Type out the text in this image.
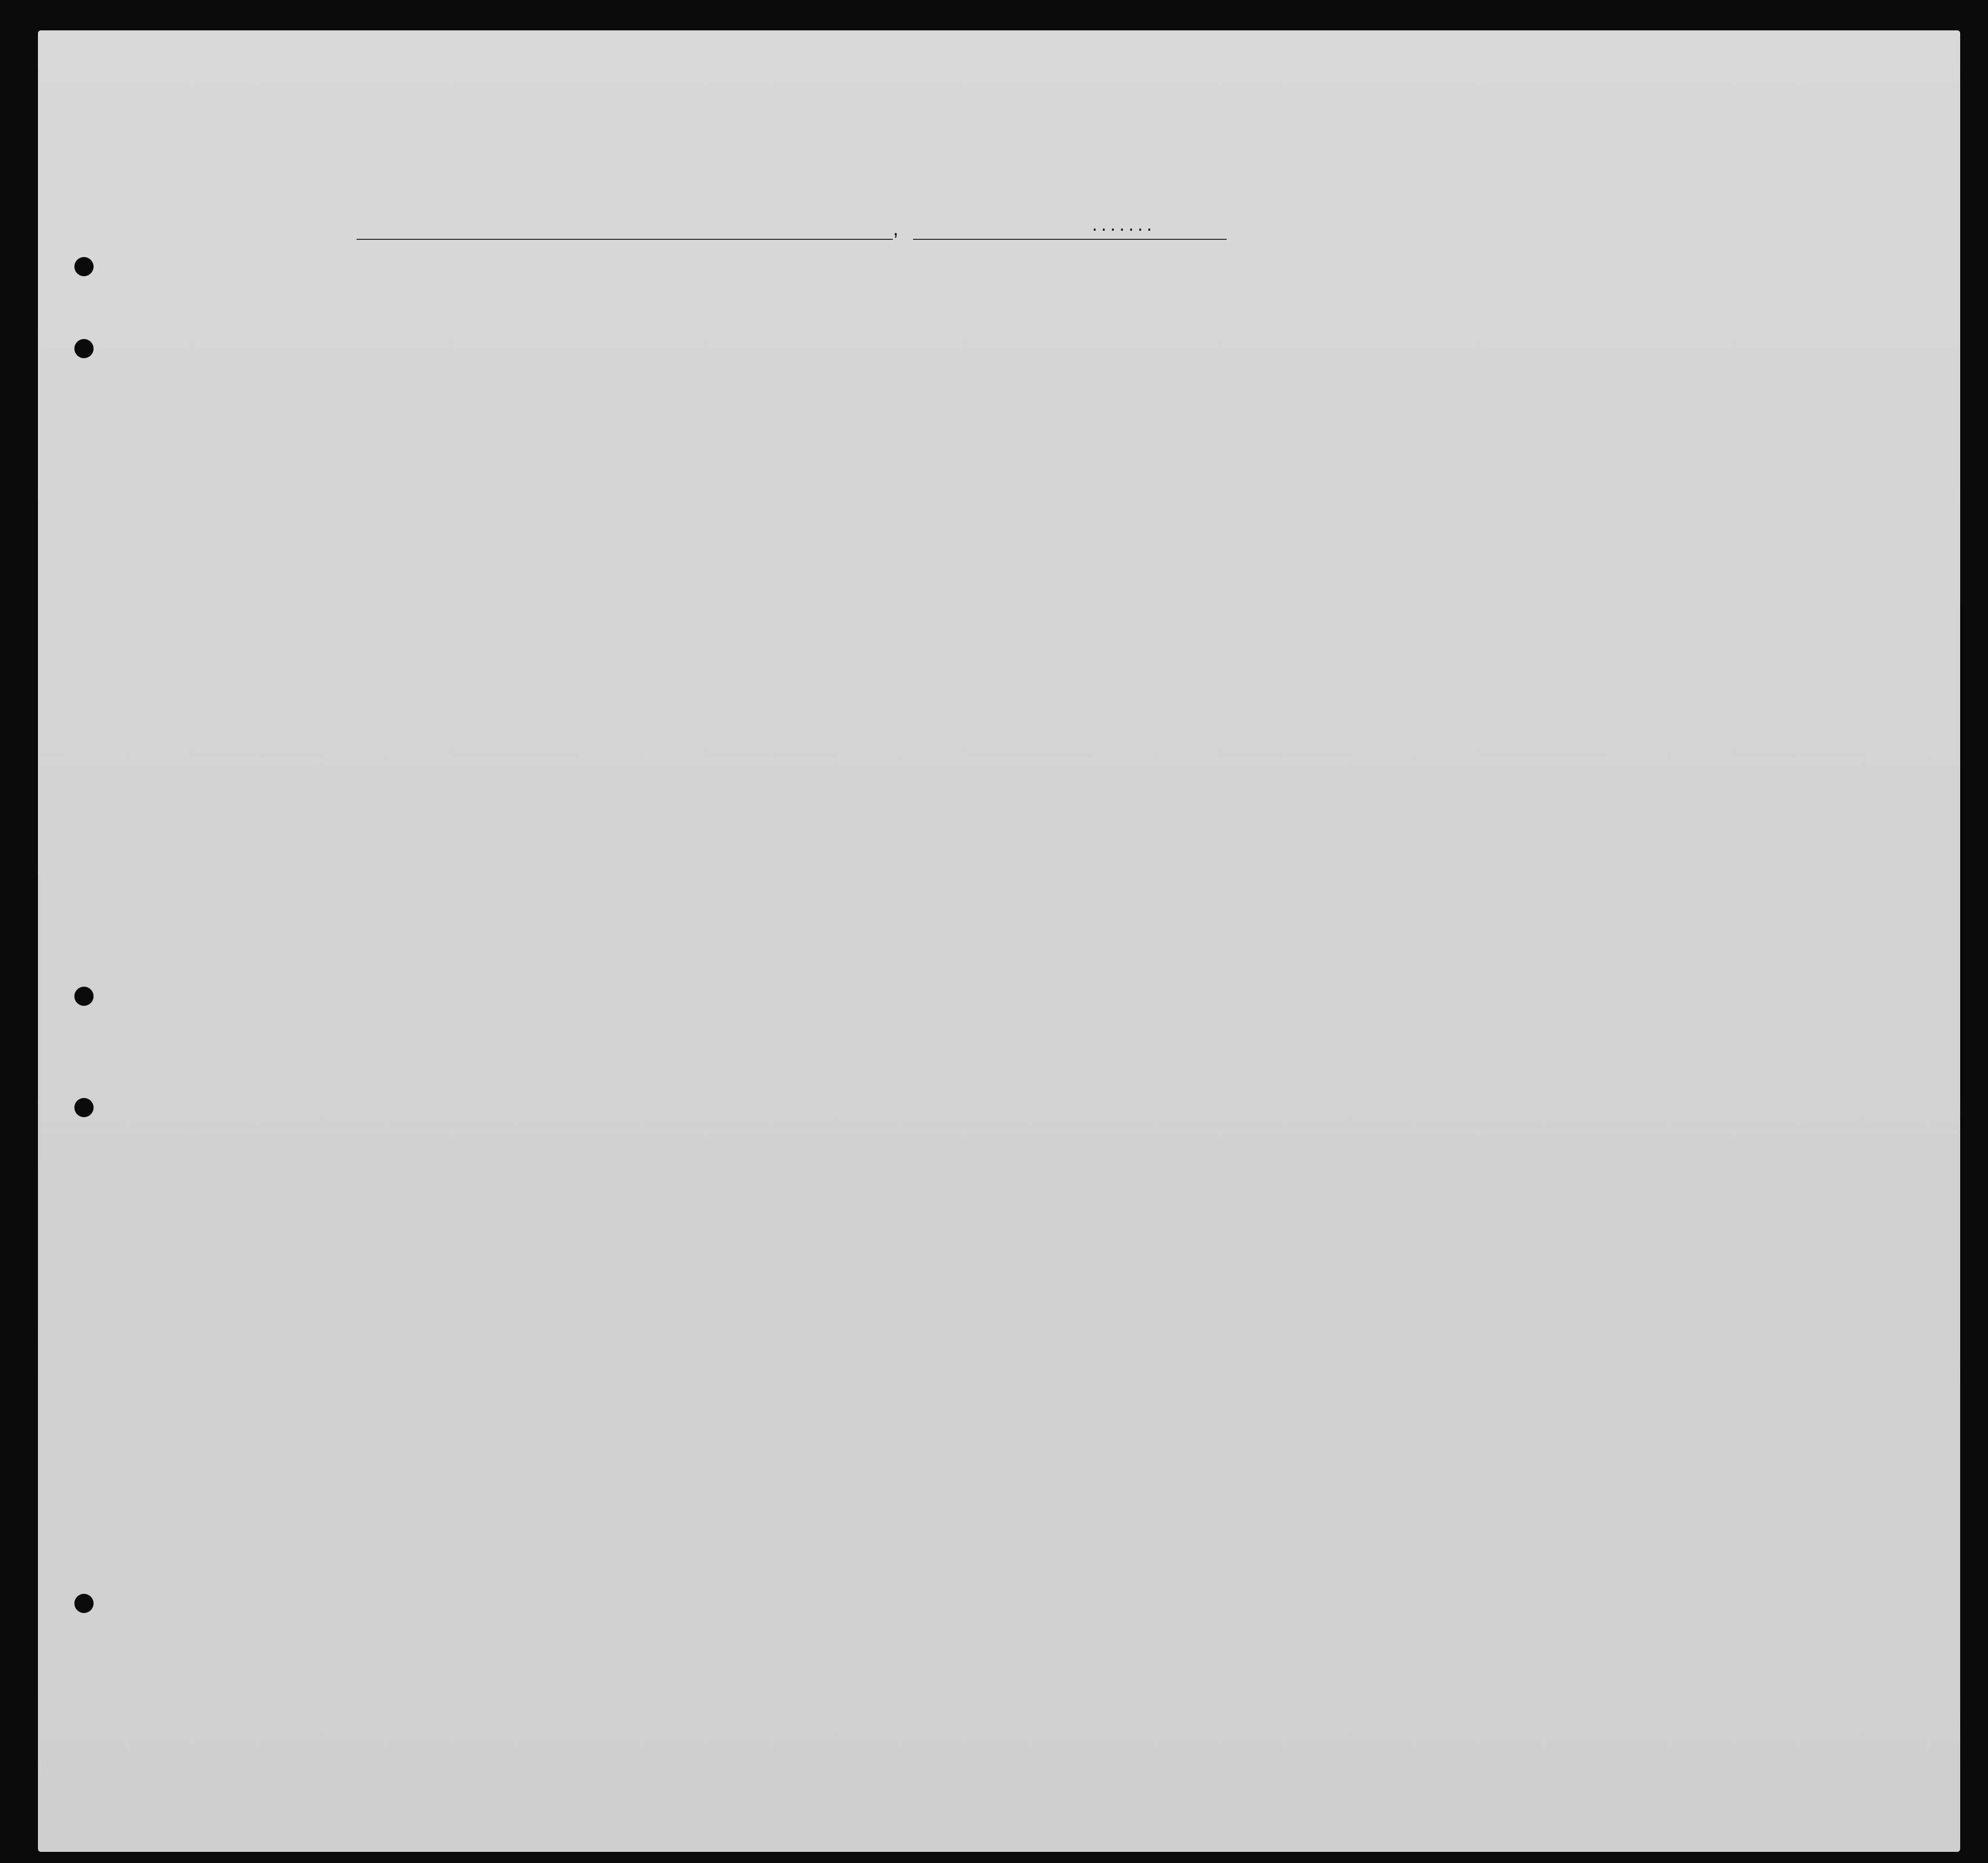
,	.......
